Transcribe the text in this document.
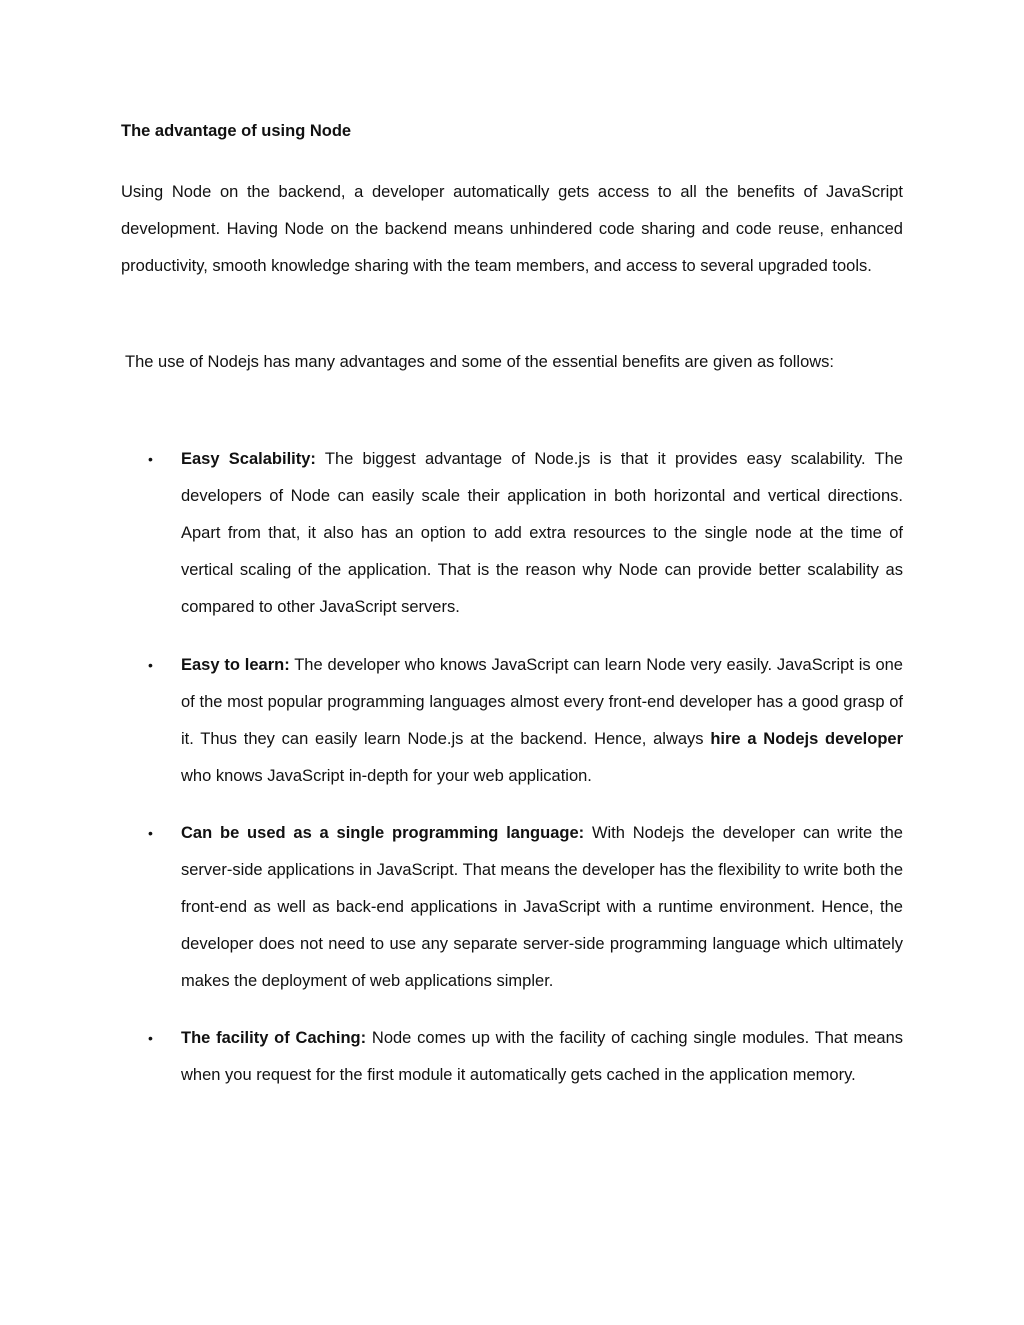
The advantage of using Node

Using Node on the backend, a developer automatically gets access to all the benefits of JavaScript development. Having Node on the backend means unhindered code sharing and code reuse, enhanced productivity, smooth knowledge sharing with the team members, and access to several upgraded tools.

The use of Nodejs has many advantages and some of the essential benefits are given as follows:

• Easy Scalability: The biggest advantage of Node.js is that it provides easy scalability. The developers of Node can easily scale their application in both horizontal and vertical directions. Apart from that, it also has an option to add extra resources to the single node at the time of vertical scaling of the application. That is the reason why Node can provide better scalability as compared to other JavaScript servers.
• Easy to learn: The developer who knows JavaScript can learn Node very easily. JavaScript is one of the most popular programming languages almost every front-end developer has a good grasp of it. Thus they can easily learn Node.js at the backend. Hence, always hire a Nodejs developer who knows JavaScript in-depth for your web application.
• Can be used as a single programming language: With Nodejs the developer can write the server-side applications in JavaScript. That means the developer has the flexibility to write both the front-end as well as back-end applications in JavaScript with a runtime environment. Hence, the developer does not need to use any separate server-side programming language which ultimately makes the deployment of web applications simpler.
• The facility of Caching: Node comes up with the facility of caching single modules. That means when you request for the first module it automatically gets cached in the application memory.
